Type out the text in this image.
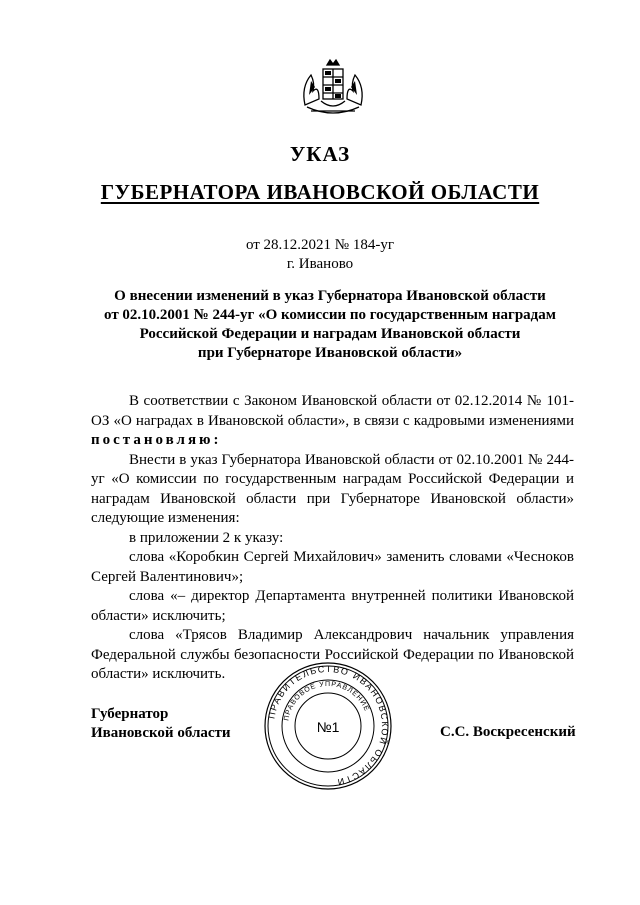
УКАЗ
ГУБЕРНАТОРА ИВАНОВСКОЙ ОБЛАСТИ
от 28.12.2021 № 184-уг
г. Иваново
О внесении изменений в указ Губернатора Ивановской области
от 02.10.2001 № 244-уг «О комиссии по государственным наградам
Российской Федерации и наградам Ивановской области
при Губернаторе Ивановской области»

В соответствии с Законом Ивановской области от 02.12.2014 № 101-ОЗ «О наградах в Ивановской области», в связи с кадровыми изменениями постановляю:

Внести в указ Губернатора Ивановской области от 02.10.2001 № 244-уг «О комиссии по государственным наградам Российской Федерации и наградам Ивановской области при Губернаторе Ивановской области» следующие изменения:

в приложении 2 к указу:

слова «Коробкин Сергей Михайлович» заменить словами «Чесноков Сергей Валентинович»;

слова «– директор Департамента внутренней политики Ивановской области» исключить;

слова «Трясов Владимир Александрович начальник управления Федеральной службы безопасности Российской Федерации по Ивановской области» исключить.

Губернатор
Ивановской области
ПРАВИТЕЛЬСТВО ИВАНОВСКОЙ ОБЛАСТИ
ПРАВОВОЕ УПРАВЛЕНИЕ
№1	С.С. Воскресенский
